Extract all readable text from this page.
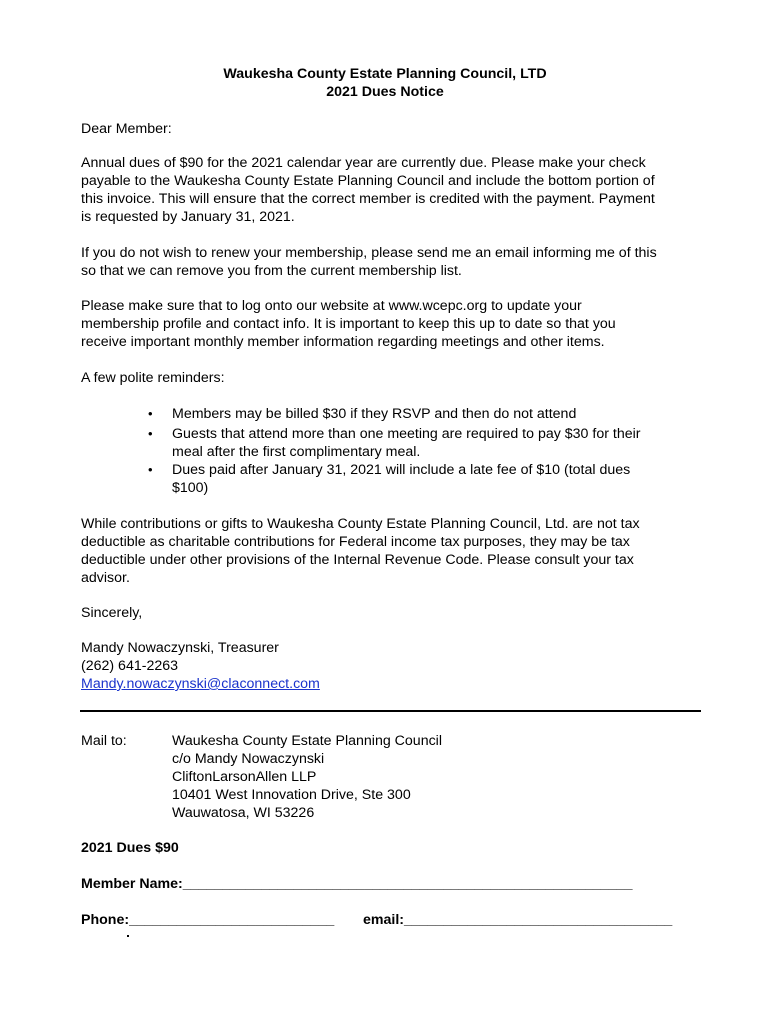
Waukesha County Estate Planning Council, LTD
2021 Dues Notice
Dear Member:
Annual dues of $90 for the 2021 calendar year are currently due. Please make your check
payable to the Waukesha County Estate Planning Council and include the bottom portion of
this invoice. This will ensure that the correct member is credited with the payment. Payment
is requested by January 31, 2021.
If you do not wish to renew your membership, please send me an email informing me of this
so that we can remove you from the current membership list.
Please make sure that to log onto our website at www.wcepc.org to update your
membership profile and contact info. It is important to keep this up to date so that you
receive important monthly member information regarding meetings and other items.
A few polite reminders:
• Members may be billed $30 if they RSVP and then do not attend
• Guests that attend more than one meeting are required to pay $30 for their
meal after the first complimentary meal.
• Dues paid after January 31, 2021 will include a late fee of $10 (total dues
$100)
While contributions or gifts to Waukesha County Estate Planning Council, Ltd. are not tax
deductible as charitable contributions for Federal income tax purposes, they may be tax
deductible under other provisions of the Internal Revenue Code. Please consult your tax
advisor.
Sincerely,
Mandy Nowaczynski, Treasurer
(262) 641-2263
Mandy.nowaczynski@claconnect.com
Mail to:	Waukesha County Estate Planning Council
c/o Mandy Nowaczynski
CliftonLarsonAllen LLP
10401 West Innovation Drive, Ste 300
Wauwatosa, WI 53226
2021 Dues $90
Member Name:_________________________________________________________
Phone:__________________________ email:__________________________________
